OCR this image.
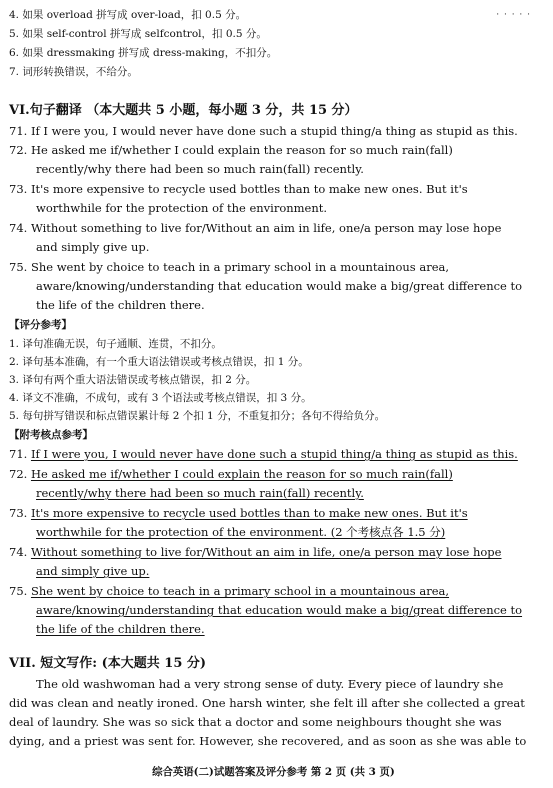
· · · · ·
4. 如果 overload 拼写成 over-load，扣 0.5 分。
5. 如果 self-control 拼写成 selfcontrol，扣 0.5 分。
6. 如果 dressmaking 拼写成 dress-making，不扣分。
7. 词形转换错误，不给分。
VI.句子翻译 （本大题共 5 小题，每小题 3 分，共 15 分）
71. If I were you, I would never have done such a stupid thing/a thing as stupid as this.
72. He asked me if/whether I could explain the reason for so much rain(fall)
recently/why there had been so much rain(fall) recently.
73. It's more expensive to recycle used bottles than to make new ones. But it's
worthwhile for the protection of the environment.
74. Without something to live for/Without an aim in life, one/a person may lose hope
and simply give up.
75. She went by choice to teach in a primary school in a mountainous area,
aware/knowing/understanding that education would make a big/great difference to
the life of the children there.
【评分参考】
1. 译句准确无误，句子通顺、连贯，不扣分。
2. 译句基本准确，有一个重大语法错误或考核点错误，扣 1 分。
3. 译句有两个重大语法错误或考核点错误，扣 2 分。
4. 译文不准确，不成句，或有 3 个语法或考核点错误，扣 3 分。
5. 每句拼写错误和标点错误累计每 2 个扣 1 分，不重复扣分；各句不得给负分。
【附考核点参考】
71. If I were you, I would never have done such a stupid thing/a thing as stupid as this.
72. He asked me if/whether I could explain the reason for so much rain(fall)
recently/why there had been so much rain(fall) recently.
73. It's more expensive to recycle used bottles than to make new ones. But it's
worthwhile for the protection of the environment. (2 个考核点各 1.5 分)
74. Without something to live for/Without an aim in life, one/a person may lose hope
and simply give up.
75. She went by choice to teach in a primary school in a mountainous area,
aware/knowing/understanding that education would make a big/great difference to
the life of the children there.
VII. 短文写作: (本大题共 15 分)
The old washwoman had a very strong sense of duty. Every piece of laundry she
did was clean and neatly ironed. One harsh winter, she felt ill after she collected a great
deal of laundry. She was so sick that a doctor and some neighbours thought she was
dying, and a priest was sent for. However, she recovered, and as soon as she was able to
综合英语(二)试题答案及评分参考 第 2 页 (共 3 页)
